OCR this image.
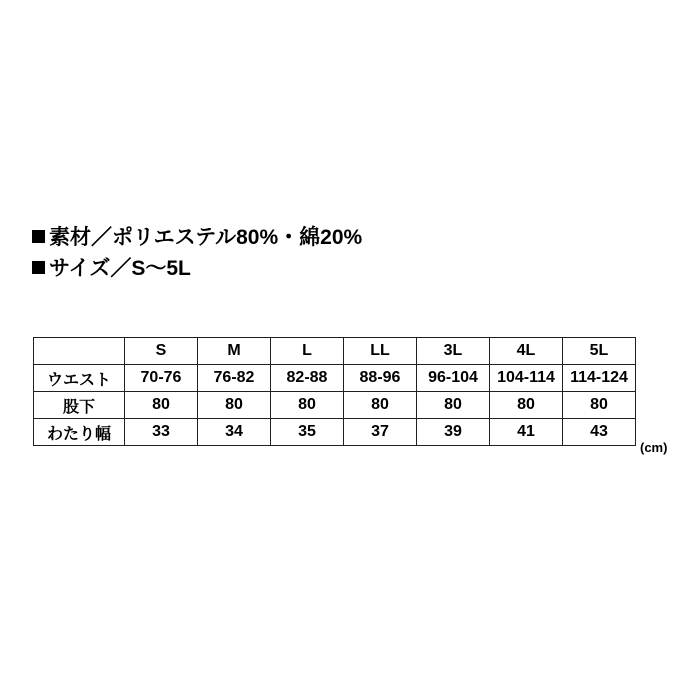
素材／ポリエステル80%・綿20%
サイズ／S〜5L
	S	M	L	LL	3L	4L	5L
ウエスト	70-76	76-82	82-88	88-96	96-104	104-114	114-124
股下	80	80	80	80	80	80	80
わたり幅	33	34	35	37	39	41	43
(cm)
